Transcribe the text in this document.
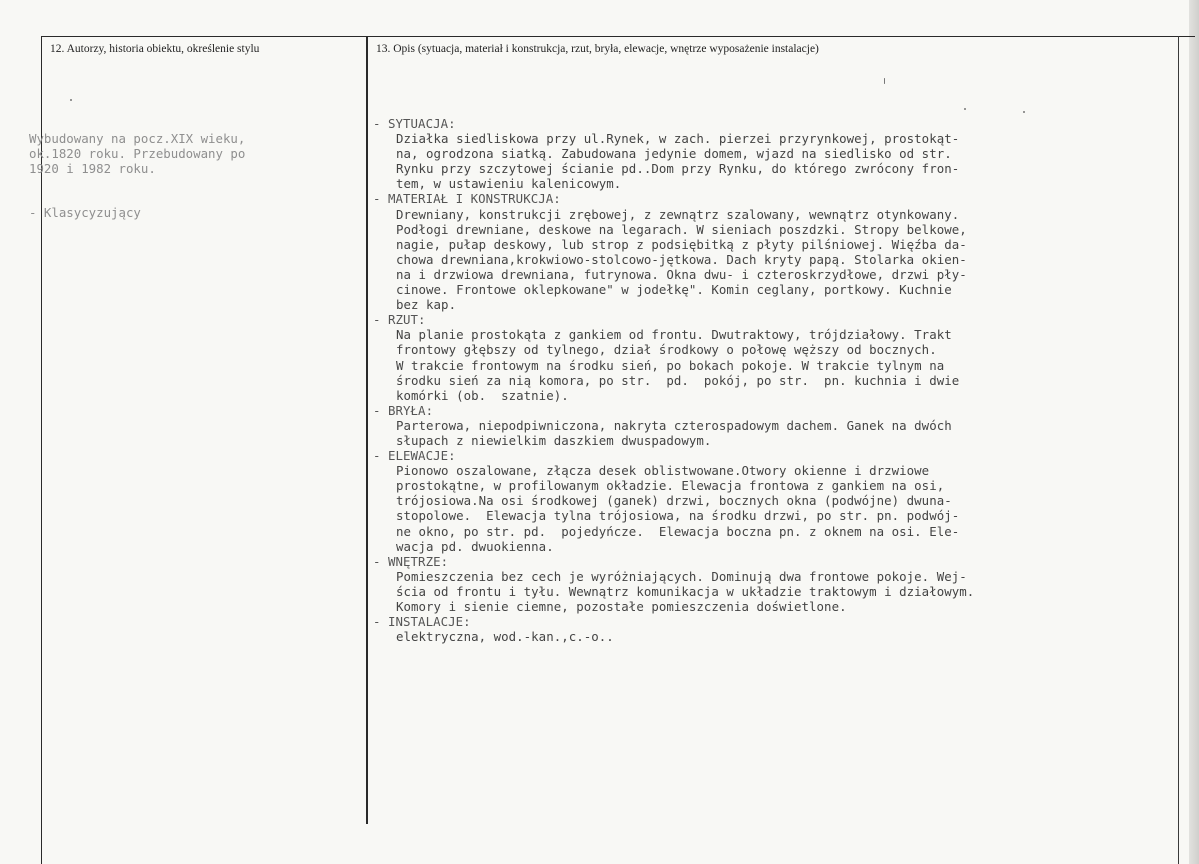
12. Autorzy, historia obiektu, określenie stylu	13. Opis (sytuacja, materiał i konstrukcja, rzut, bryła, elewacje, wnętrze wyposażenie instalacje)
Wybudowany na pocz.XIX wieku,
ok.1820 roku. Przebudowany po
1920 i 1982 roku.
- Klasycyzujący
- SYTUACJA:
Działka siedliskowa przy ul.Rynek, w zach. pierzei przyrynkowej, prostokąt-
na, ogrodzona siatką. Zabudowana jedynie domem, wjazd na siedlisko od str.
Rynku przy szczytowej ścianie pd..Dom przy Rynku, do którego zwrócony fron-
tem, w ustawieniu kalenicowym.
- MATERIAŁ I KONSTRUKCJA:
Drewniany, konstrukcji zrębowej, z zewnątrz szalowany, wewnątrz otynkowany.
Podłogi drewniane, deskowe na legarach. W sieniach poszdzki. Stropy belkowe,
nagie, pułap deskowy, lub strop z podsiębitką z płyty pilśniowej. Więźba da-
chowa drewniana,krokwiowo-stolcowo-jętkowa. Dach kryty papą. Stolarka okien-
na i drzwiowa drewniana, futrynowa. Okna dwu- i czteroskrzydłowe, drzwi pły-
cinowe. Frontowe oklepkowane" w jodełkę". Komin ceglany, portkowy. Kuchnie
bez kap.
- RZUT:
Na planie prostokąta z gankiem od frontu. Dwutraktowy, trójdziałowy. Trakt
frontowy głębszy od tylnego, dział środkowy o połowę węższy od bocznych.
W trakcie frontowym na środku sień, po bokach pokoje. W trakcie tylnym na
środku sień za nią komora, po str.  pd.  pokój, po str.  pn. kuchnia i dwie
komórki (ob.  szatnie).
- BRYŁA:
Parterowa, niepodpiwniczona, nakryta czterospadowym dachem. Ganek na dwóch
słupach z niewielkim daszkiem dwuspadowym.
- ELEWACJE:
Pionowo oszalowane, złącza desek oblistwowane.Otwory okienne i drzwiowe
prostokątne, w profilowanym okładzie. Elewacja frontowa z gankiem na osi,
trójosiowa.Na osi środkowej (ganek) drzwi, bocznych okna (podwójne) dwuna-
stopolowe.  Elewacja tylna trójosiowa, na środku drzwi, po str. pn. podwój-
ne okno, po str. pd.  pojedyńcze.  Elewacja boczna pn. z oknem na osi. Ele-
wacja pd. dwuokienna.
- WNĘTRZE:
Pomieszczenia bez cech je wyróżniających. Dominują dwa frontowe pokoje. Wej-
ścia od frontu i tyłu. Wewnątrz komunikacja w układzie traktowym i działowym.
Komory i sienie ciemne, pozostałe pomieszczenia doświetlone.
- INSTALACJE:
elektryczna, wod.-kan.,c.-o..
